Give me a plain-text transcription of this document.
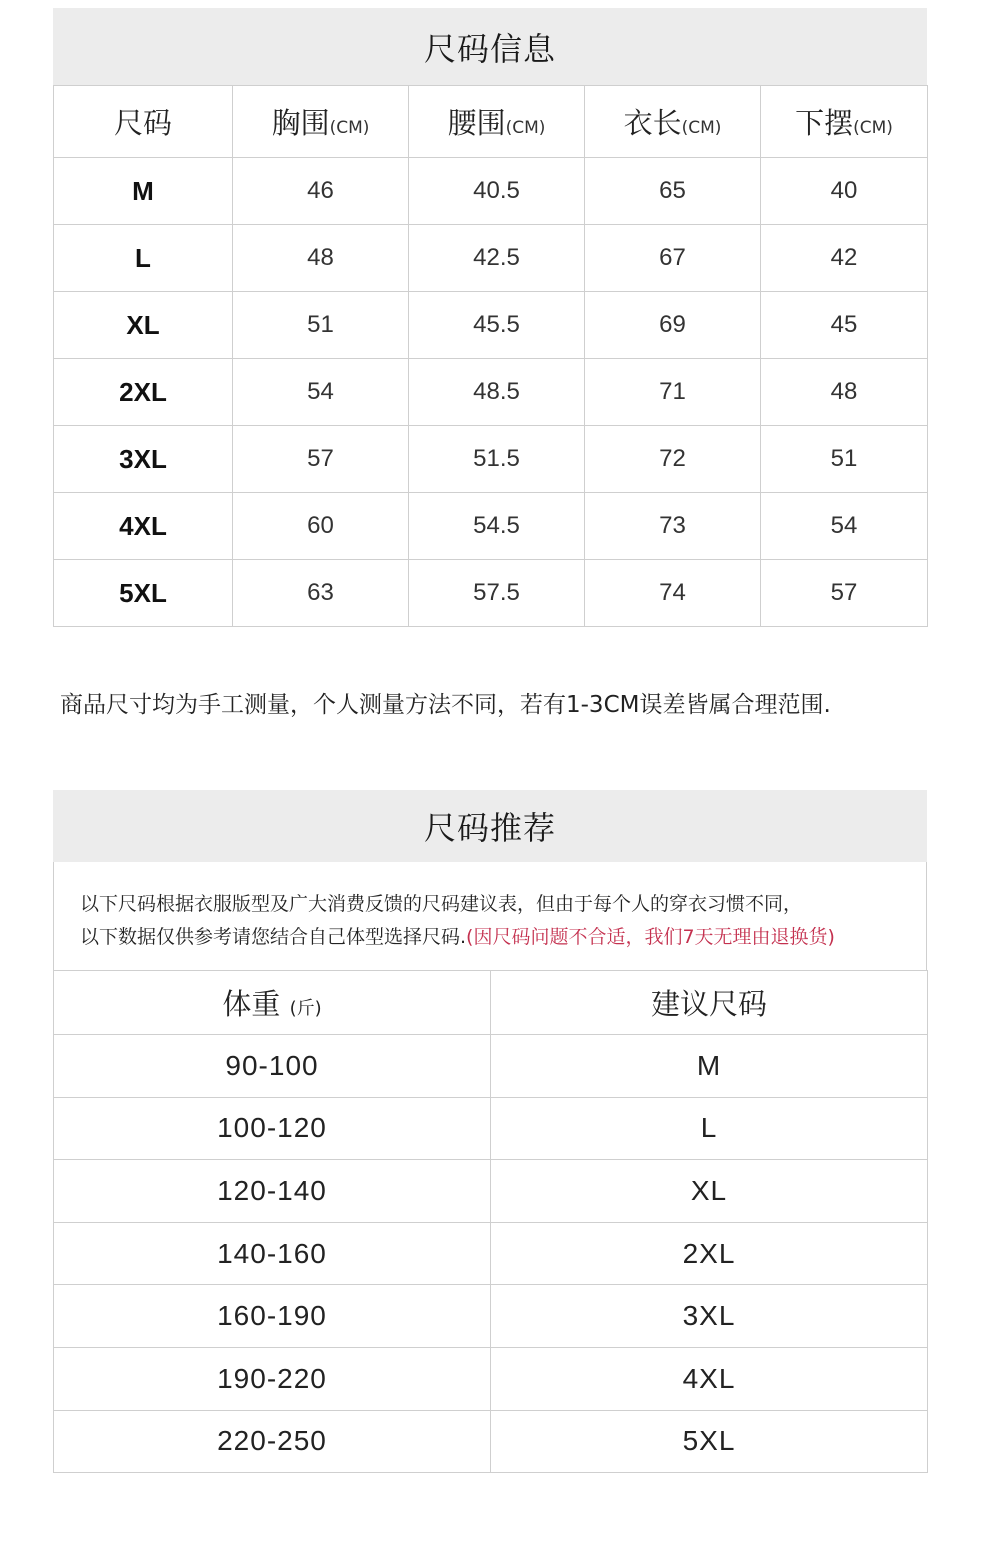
尺码信息
尺码	胸围(CM)	腰围(CM)	衣长(CM)	下摆(CM)
M	46	40.5	65	40
L	48	42.5	67	42
XL	51	45.5	69	45
2XL	54	48.5	71	48
3XL	57	51.5	72	51
4XL	60	54.5	73	54
5XL	63	57.5	74	57

商品尺寸均为手工测量，个人测量方法不同，若有1-3CM误差皆属合理范围.

尺码推荐
以下尺码根据衣服版型及广大消费反馈的尺码建议表，但由于每个人的穿衣习惯不同，
以下数据仅供参考请您结合自己体型选择尺码.(因尺码问题不合适，我们7天无理由退换货)
体重 (斤)	建议尺码
90-100	M
100-120	L
120-140	XL
140-160	2XL
160-190	3XL
190-220	4XL
220-250	5XL
